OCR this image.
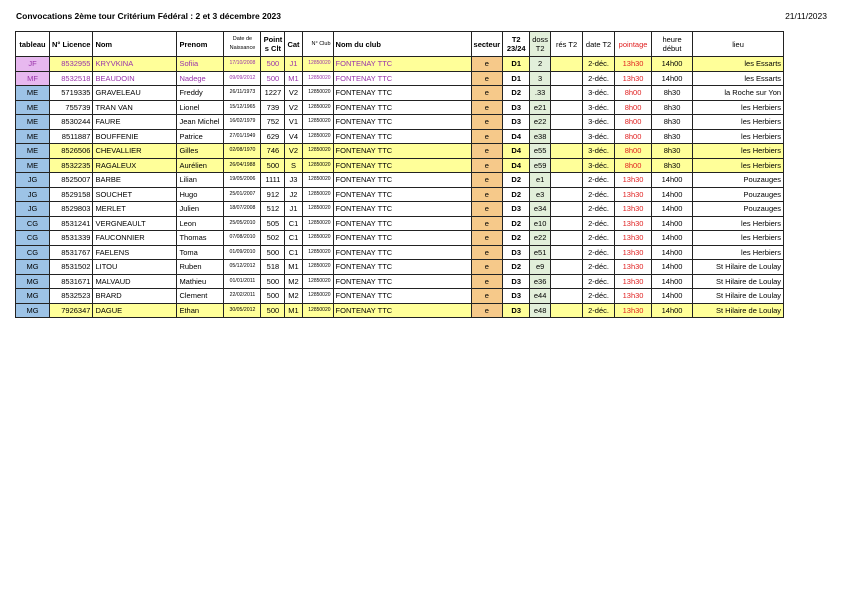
Convocations 2ème tour Critérium Fédéral : 2 et 3 décembre 2023	21/11/2023
tableau	N° Licence	Nom	Prenom	Date de Naissance	Point s Clt	Cat	N° Club	Nom du club	secteur	T2 23/24	doss T2	rés T2	date T2	pointage	heure début	lieu
JF	8532955	KRYVKINA	Sofiia	17/10/2008	500	J1	12850020	FONTENAY TTC	e	D1	2		2-déc.	13h30	14h00	les Essarts
MF	8532518	BEAUDOIN	Nadege	09/09/2012	500	M1	12850020	FONTENAY TTC	e	D1	3		2-déc.	13h30	14h00	les Essarts
ME	5719335	GRAVELEAU	Freddy	26/11/1973	1227	V2	12850020	FONTENAY TTC	e	D2	.33		3-déc.	8h00	8h30	la Roche sur Yon
ME	755739	TRAN VAN	Lionel	15/12/1965	739	V2	12850020	FONTENAY TTC	e	D3	e21		3-déc.	8h00	8h30	les Herbiers
ME	8530244	FAURE	Jean Michel	16/02/1979	752	V1	12850020	FONTENAY TTC	e	D3	e22		3-déc.	8h00	8h30	les Herbiers
ME	8511887	BOUFFENIE	Patrice	27/01/1949	629	V4	12850020	FONTENAY TTC	e	D4	e38		3-déc.	8h00	8h30	les Herbiers
ME	8526506	CHEVALLIER	Gilles	02/08/1970	746	V2	12850020	FONTENAY TTC	e	D4	e55		3-déc.	8h00	8h30	les Herbiers
ME	8532235	RAGALEUX	Aurélien	26/04/1988	500	S	12850020	FONTENAY TTC	e	D4	e59		3-déc.	8h00	8h30	les Herbiers
JG	8525007	BARBE	Lilian	19/05/2006	1111	J3	12850020	FONTENAY TTC	e	D2	e1		2-déc.	13h30	14h00	Pouzauges
JG	8529158	SOUCHET	Hugo	25/01/2007	912	J2	12850020	FONTENAY TTC	e	D2	e3		2-déc.	13h30	14h00	Pouzauges
JG	8529803	MERLET	Julien	18/07/2008	512	J1	12850020	FONTENAY TTC	e	D3	e34		2-déc.	13h30	14h00	Pouzauges
CG	8531241	VERGNEAULT	Leon	25/05/2010	505	C1	12850020	FONTENAY TTC	e	D2	e10		2-déc.	13h30	14h00	les Herbiers
CG	8531339	FAUCONNIER	Thomas	07/08/2010	502	C1	12850020	FONTENAY TTC	e	D2	e22		2-déc.	13h30	14h00	les Herbiers
CG	8531767	FAELENS	Toma	01/09/2010	500	C1	12850020	FONTENAY TTC	e	D3	e51		2-déc.	13h30	14h00	les Herbiers
MG	8531502	LITOU	Ruben	05/12/2012	518	M1	12850020	FONTENAY TTC	e	D2	e9		2-déc.	13h30	14h00	St Hilaire de Loulay
MG	8531671	MALVAUD	Mathieu	01/01/2011	500	M2	12850020	FONTENAY TTC	e	D3	e36		2-déc.	13h30	14h00	St Hilaire de Loulay
MG	8532523	BRARD	Clement	22/02/2011	500	M2	12850020	FONTENAY TTC	e	D3	e44		2-déc.	13h30	14h00	St Hilaire de Loulay
MG	7926347	DAGUE	Ethan	30/05/2012	500	M1	12850020	FONTENAY TTC	e	D3	e48		2-déc.	13h30	14h00	St Hilaire de Loulay
